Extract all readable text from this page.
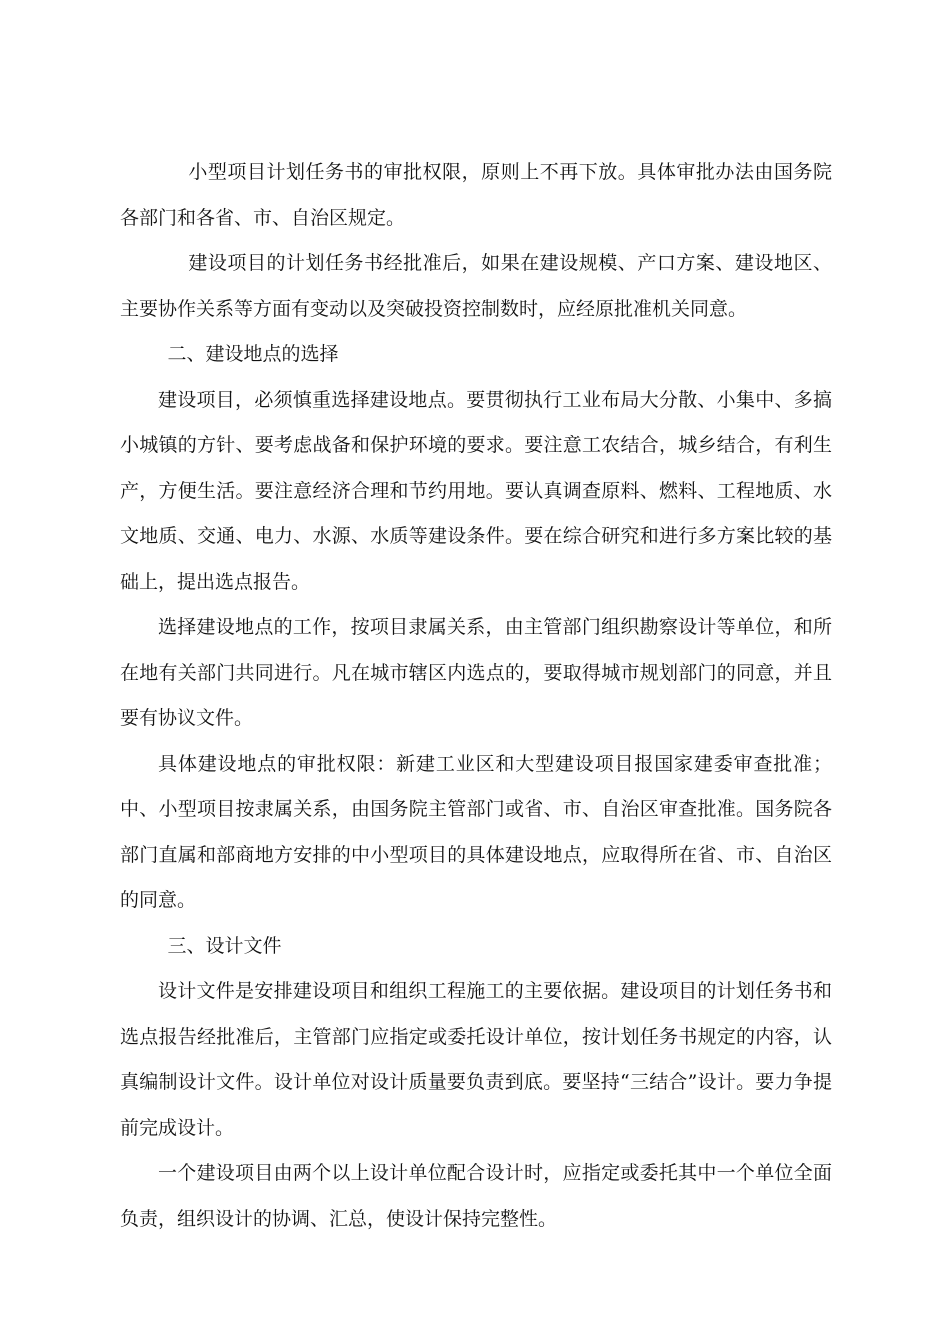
小型项目计划任务书的审批权限，原则上不再下放。具体审批办法由国务院各部门和各省、市、自治区规定。

建设项目的计划任务书经批准后，如果在建设规模、产口方案、建设地区、主要协作关系等方面有变动以及突破投资控制数时，应经原批准机关同意。

二、建设地点的选择

建设项目，必须慎重选择建设地点。要贯彻执行工业布局大分散、小集中、多搞小城镇的方针、要考虑战备和保护环境的要求。要注意工农结合，城乡结合，有利生产，方便生活。要注意经济合理和节约用地。要认真调查原料、燃料、工程地质、水文地质、交通、电力、水源、水质等建设条件。要在综合研究和进行多方案比较的基础上，提出选点报告。

选择建设地点的工作，按项目隶属关系，由主管部门组织勘察设计等单位，和所在地有关部门共同进行。凡在城市辖区内选点的，要取得城市规划部门的同意，并且要有协议文件。

具体建设地点的审批权限：新建工业区和大型建设项目报国家建委审查批准；中、小型项目按隶属关系，由国务院主管部门或省、市、自治区审查批准。国务院各部门直属和部商地方安排的中小型项目的具体建设地点，应取得所在省、市、自治区的同意。

三、设计文件

设计文件是安排建设项目和组织工程施工的主要依据。建设项目的计划任务书和选点报告经批准后，主管部门应指定或委托设计单位，按计划任务书规定的内容，认真编制设计文件。设计单位对设计质量要负责到底。要坚持“三结合”设计。要力争提前完成设计。

一个建设项目由两个以上设计单位配合设计时，应指定或委托其中一个单位全面负责，组织设计的协调、汇总，使设计保持完整性。
